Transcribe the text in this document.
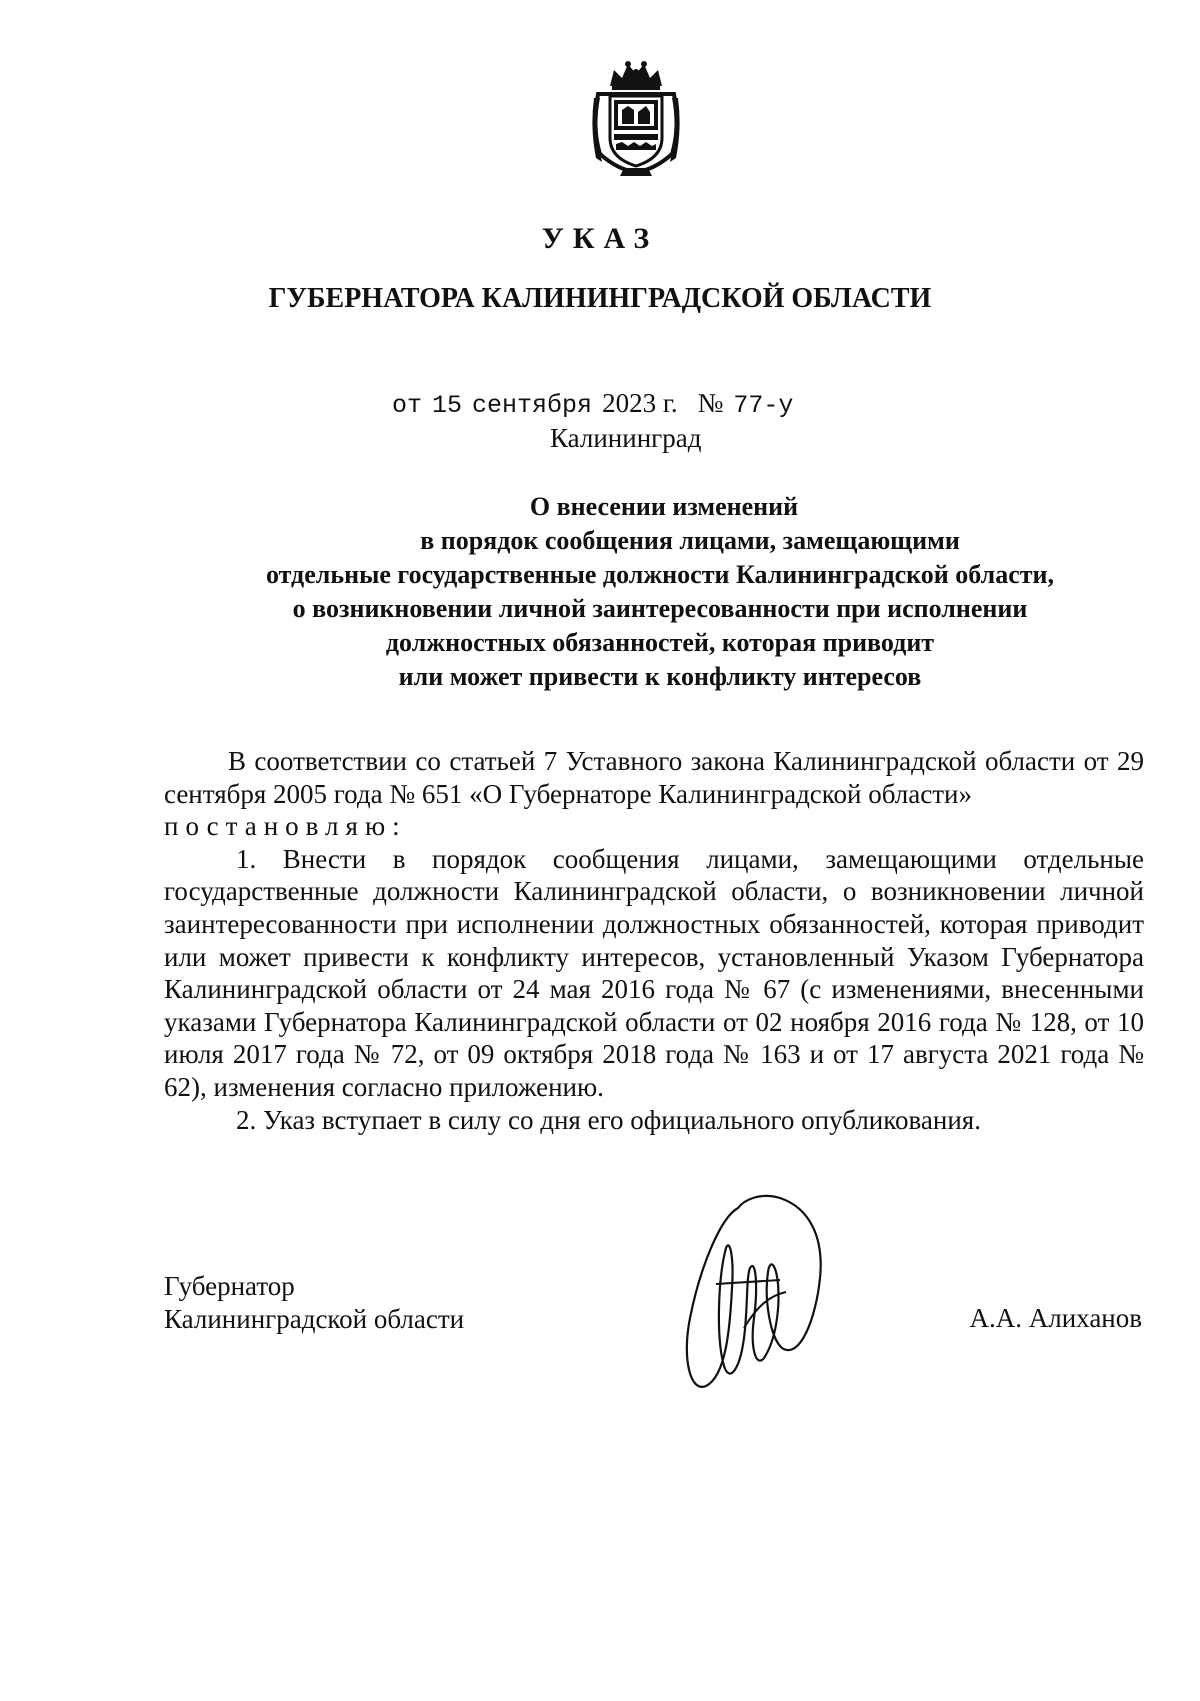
УКАЗ
ГУБЕРНАТОРА КАЛИНИНГРАДСКОЙ ОБЛАСТИ
от 15 сентября 2023 г. № 77-у
Калининград
О внесении изменений
в порядок сообщения лицами, замещающими
отдельные государственные должности Калининградской области,
о возникновении личной заинтересованности при исполнении
должностных обязанностей, которая приводит
или может привести к конфликту интересов

В соответствии со статьей 7 Уставного закона Калининградской области от 29 сентября 2005 года № 651 «О Губернаторе Калининградской области»
постановляю:

1. Внести в порядок сообщения лицами, замещающими отдельные государственные должности Калининградской области, о возникновении личной заинтересованности при исполнении должностных обязанностей, которая приводит или может привести к конфликту интересов, установленный Указом Губернатора Калининградской области от 24 мая 2016 года № 67 (с изменениями, внесенными указами Губернатора Калининградской области от 02 ноября 2016 года № 128, от 10 июля 2017 года № 72, от 09 октября 2018 года № 163 и от 17 августа 2021 года № 62), изменения согласно приложению.

2. Указ вступает в силу со дня его официального опубликования.

Губернатор
Калининградской области	А.А. Алиханов
